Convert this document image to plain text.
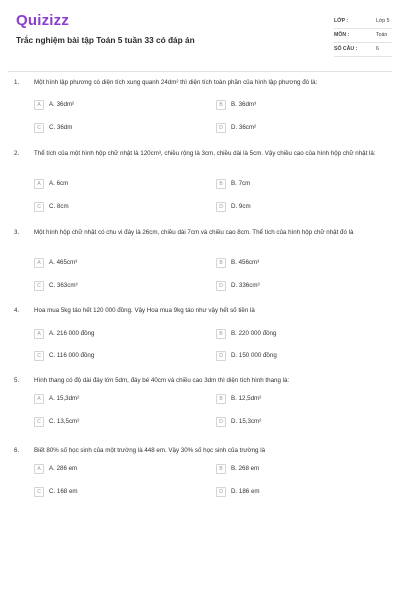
Quizizz
Trắc nghiệm bài tập Toán 5 tuần 33 có đáp án
LỚP :	Lớp 5
MÔN :	Toán
SỐ CÂU :	6
1. Một hình lập phương có diện tích xung quanh 24dm² thì diện tích toàn phần của hình lập phương đó là:
A	A. 36dm²	B	B. 36dm³
C	C. 36dm	D	D. 36cm²
2. Thể tích của một hình hộp chữ nhật là 120cm³, chiều rộng là 3cm, chiều dài là 5cm. Vậy chiều cao của hình hộp chữ nhật là:
A	A. 6cm	B	B. 7cm
C	C. 8cm	D	D. 9cm
3. Một hình hộp chữ nhật có chu vi đáy là 26cm, chiều dài 7cm và chiều cao 8cm. Thể tích của hình hộp chữ nhật đó là
A	A. 465cm³	B	B. 456cm³
C	C. 363cm³	D	D. 336cm³
4. Hoa mua 5kg táo hết 120 000 đồng. Vậy Hoa mua 9kg táo như vậy hết số tiền là
A	A. 216 000 đồng	B	B. 220 000 đồng
C	C. 116 000 đồng	D	D. 150 000 đồng
5. Hình thang có độ dài đáy lớn 5dm, đáy bé 40cm và chiều cao 3dm thì diện tích hình thang là:
A	A. 15,3dm²	B	B. 12,5dm²
C	C. 13,5cm²	D	D. 15,3cm²
6. Biết 80% số học sinh của một trường là 448 em. Vậy 30% số học sinh của trường là
A	A. 286 em	B	B. 268 em
C	C. 168 em	D	D. 186 em
